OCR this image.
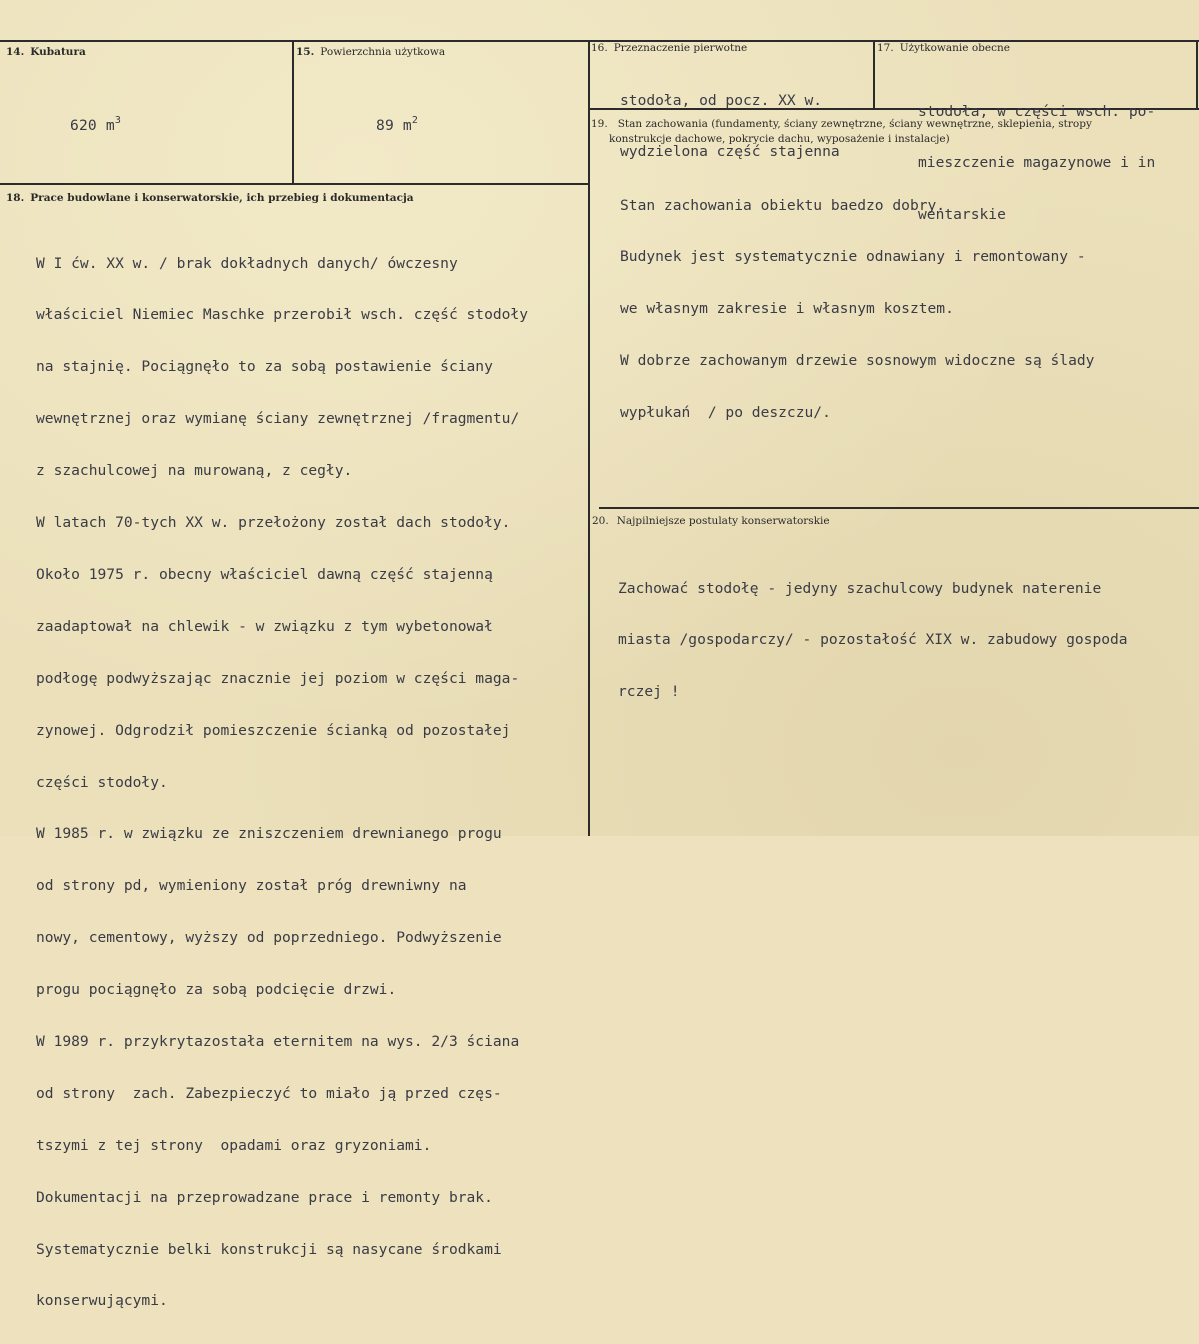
14. Kubatura

620 $m^3$

15. Powierzchnia użytkowa

89 $m^2$

16. Przeznaczenie pierwotne

stodoła, od pocz. XX w.

wydzielona część stajenna

17. Użytkowanie obecne

stodoła, w części wsch. po-

mieszczenie magazynowe i in

wentarskie

19. Stan zachowania (fundamenty, ściany zewnętrzne, ściany wewnętrzne, sklepienia, stropy
konstrukcje dachowe, pokrycie dachu, wyposażenie i instalacje)

Stan zachowania obiektu baedzo dobry.

Budynek jest systematycznie odnawiany i remontowany -

we własnym zakresie i własnym kosztem.

W dobrze zachowanym drzewie sosnowym widoczne są ślady

wypłukań  / po deszczu/.

20. Najpilniejsze postulaty konserwatorskie

Zachować stodołę - jedyny szachulcowy budynek naterenie

miasta /gospodarczy/ - pozostałość XIX w. zabudowy gospoda

rczej !

18. Prace budowlane i konserwatorskie, ich przebieg i dokumentacja

W I ćw. XX w. / brak dokładnych danych/ ówczesny

właściciel Niemiec Maschke przerobił wsch. część stodoły

na stajnię. Pociągnęło to za sobą postawienie ściany

wewnętrznej oraz wymianę ściany zewnętrznej /fragmentu/

z szachulcowej na murowaną, z cegły.

W latach 70-tych XX w. przełożony został dach stodoły.

Około 1975 r. obecny właściciel dawną część stajenną

zaadaptował na chlewik - w związku z tym wybetonował

podłogę podwyższając znacznie jej poziom w części maga-

zynowej. Odgrodził pomieszczenie ścianką od pozostałej

części stodoły.

W 1985 r. w związku ze zniszczeniem drewnianego progu

od strony pd, wymieniony został próg drewniwny na

nowy, cementowy, wyższy od poprzedniego. Podwyższenie

progu pociągnęło za sobą podcięcie drzwi.

W 1989 r. przykrytazostała eternitem na wys. 2/3 ściana

od strony  zach. Zabezpieczyć to miało ją przed częs-

tszymi z tej strony  opadami oraz gryzoniami.

Dokumentacji na przeprowadzane prace i remonty brak.

Systematycznie belki konstrukcji są nasycane środkami

konserwującymi.
